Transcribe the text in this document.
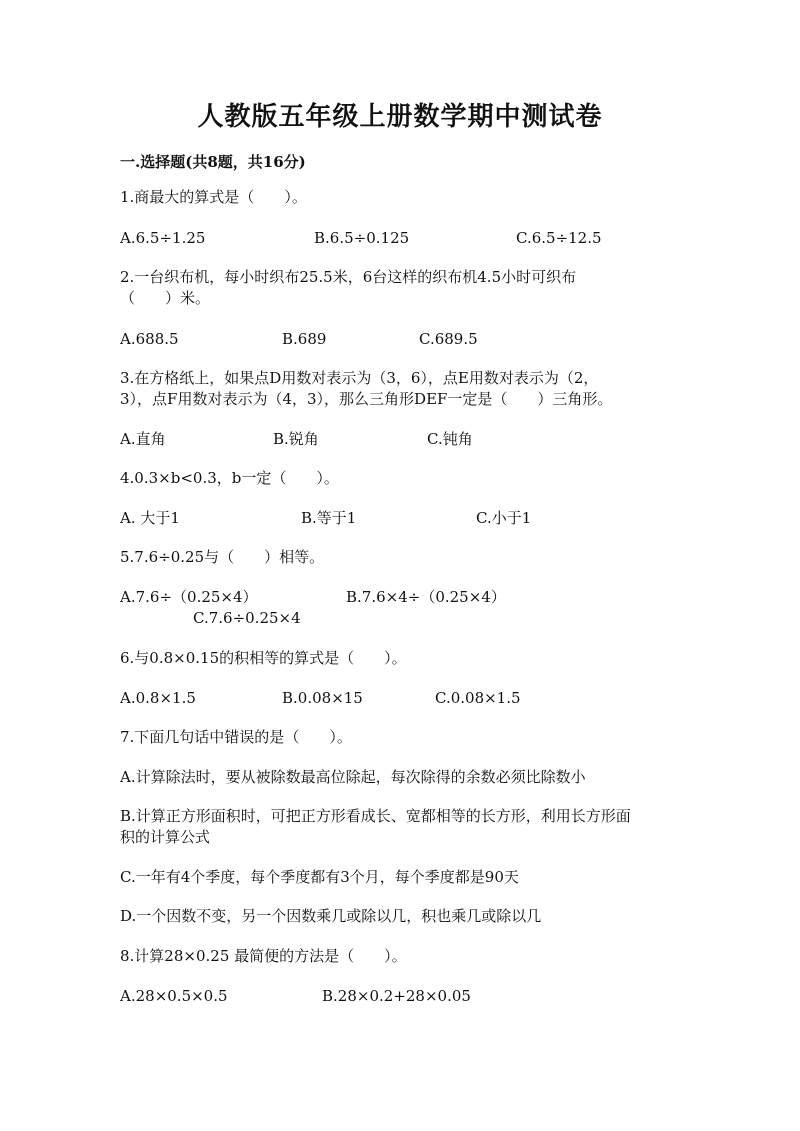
人教版五年级上册数学期中测试卷
一.选择题(共8题，共16分)
1.商最大的算式是（　　）。
A.6.5÷1.25	B.6.5÷0.125	C.6.5÷12.5
2.一台织布机，每小时织布25.5米，6台这样的织布机4.5小时可织布
（　　）米。
A.688.5	B.689	C.689.5
3.在方格纸上，如果点D用数对表示为（3，6），点E用数对表示为（2，
3），点F用数对表示为（4，3），那么三角形DEF一定是（　　）三角形。
A.直角	B.锐角	C.钝角
4.0.3×b<0.3，b一定（　　）。
A. 大于1	B.等于1	C.小于1
5.7.6÷0.25与（　　）相等。
A.7.6÷（0.25×4）	B.7.6×4÷（0.25×4）
C.7.6÷0.25×4
6.与0.8×0.15的积相等的算式是（　　）。
A.0.8×1.5	B.0.08×15	C.0.08×1.5
7.下面几句话中错误的是（　　）。
A.计算除法时，要从被除数最高位除起，每次除得的余数必须比除数小
B.计算正方形面积时，可把正方形看成长、宽都相等的长方形，利用长方形面
积的计算公式
C.一年有4个季度，每个季度都有3个月，每个季度都是90天
D.一个因数不变，另一个因数乘几或除以几，积也乘几或除以几
8.计算28×0.25 最简便的方法是（　　）。
A.28×0.5×0.5	B.28×0.2+28×0.05
